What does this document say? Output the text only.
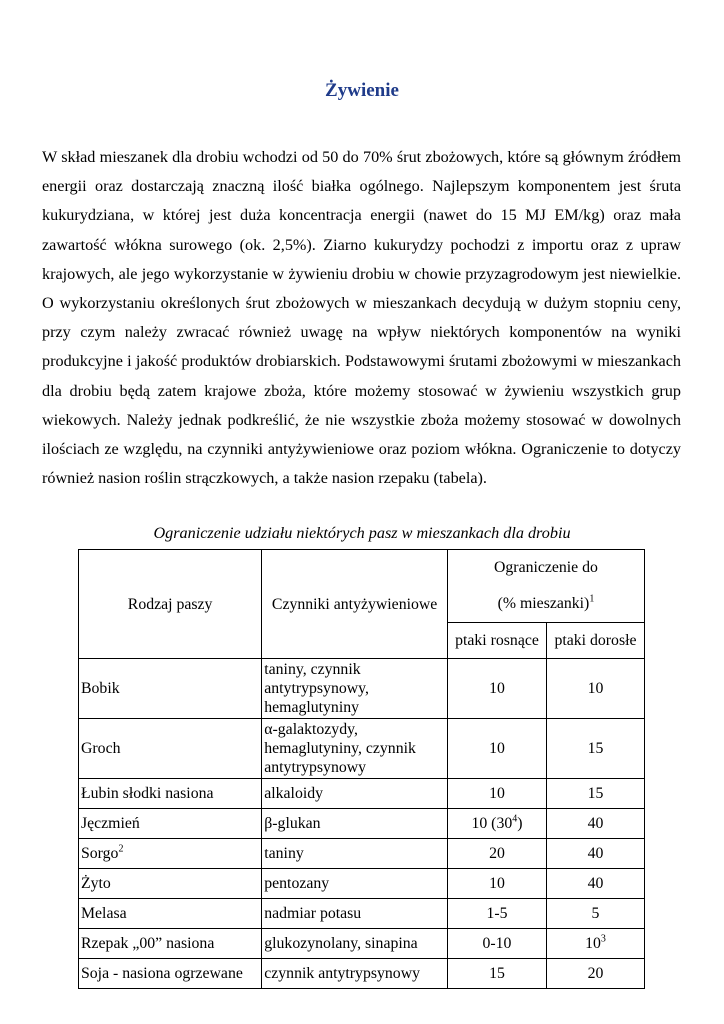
Żywienie

W skład mieszanek dla drobiu wchodzi od 50 do 70% śrut zbożowych, które są głównym źródłem energii oraz dostarczają znaczną ilość białka ogólnego. Najlepszym komponentem jest śruta kukurydziana, w której jest duża koncentracja energii (nawet do 15 MJ EM/kg) oraz mała zawartość włókna surowego (ok. 2,5%). Ziarno kukurydzy pochodzi z importu oraz z upraw krajowych, ale jego wykorzystanie w żywieniu drobiu w chowie przyzagrodowym jest niewielkie. O wykorzystaniu określonych śrut zbożowych w mieszankach decydują w dużym stopniu ceny, przy czym należy zwracać również uwagę na wpływ niektórych komponentów na wyniki produkcyjne i jakość produktów drobiarskich. Podstawowymi śrutami zbożowymi w mieszankach dla drobiu będą zatem krajowe zboża, które możemy stosować w żywieniu wszystkich grup wiekowych. Należy jednak podkreślić, że nie wszystkie zboża możemy stosować w dowolnych ilościach ze względu, na czynniki antyżywieniowe oraz poziom włókna. Ograniczenie to dotyczy również nasion roślin strączkowych, a także nasion rzepaku (tabela).

Ograniczenie udziału niektórych pasz w mieszankach dla drobiu

Rodzaj paszy	Czynniki antyżywieniowe	Ograniczenie do
(% mieszanki)$^1$

		ptaki rosnące	ptaki dorosłe
Bobik	taniny, czynnik antytrypsynowy, hemaglutyniny	10	10
Groch	α-galaktozydy, hemaglutyniny, czynnik antytrypsynowy	10	15
Łubin słodki nasiona	alkaloidy	10	15
Jęczmień	β-glukan	10 $(30^4)$	40
Sorgo$^2$	taniny	20	40
Żyto	pentozany	10	40
Melasa	nadmiar potasu	1-5	5
Rzepak „00” nasiona	glukozynolany, sinapina	0-10	$10^3$
Soja - nasiona ogrzewane	czynnik antytrypsynowy	15	20
